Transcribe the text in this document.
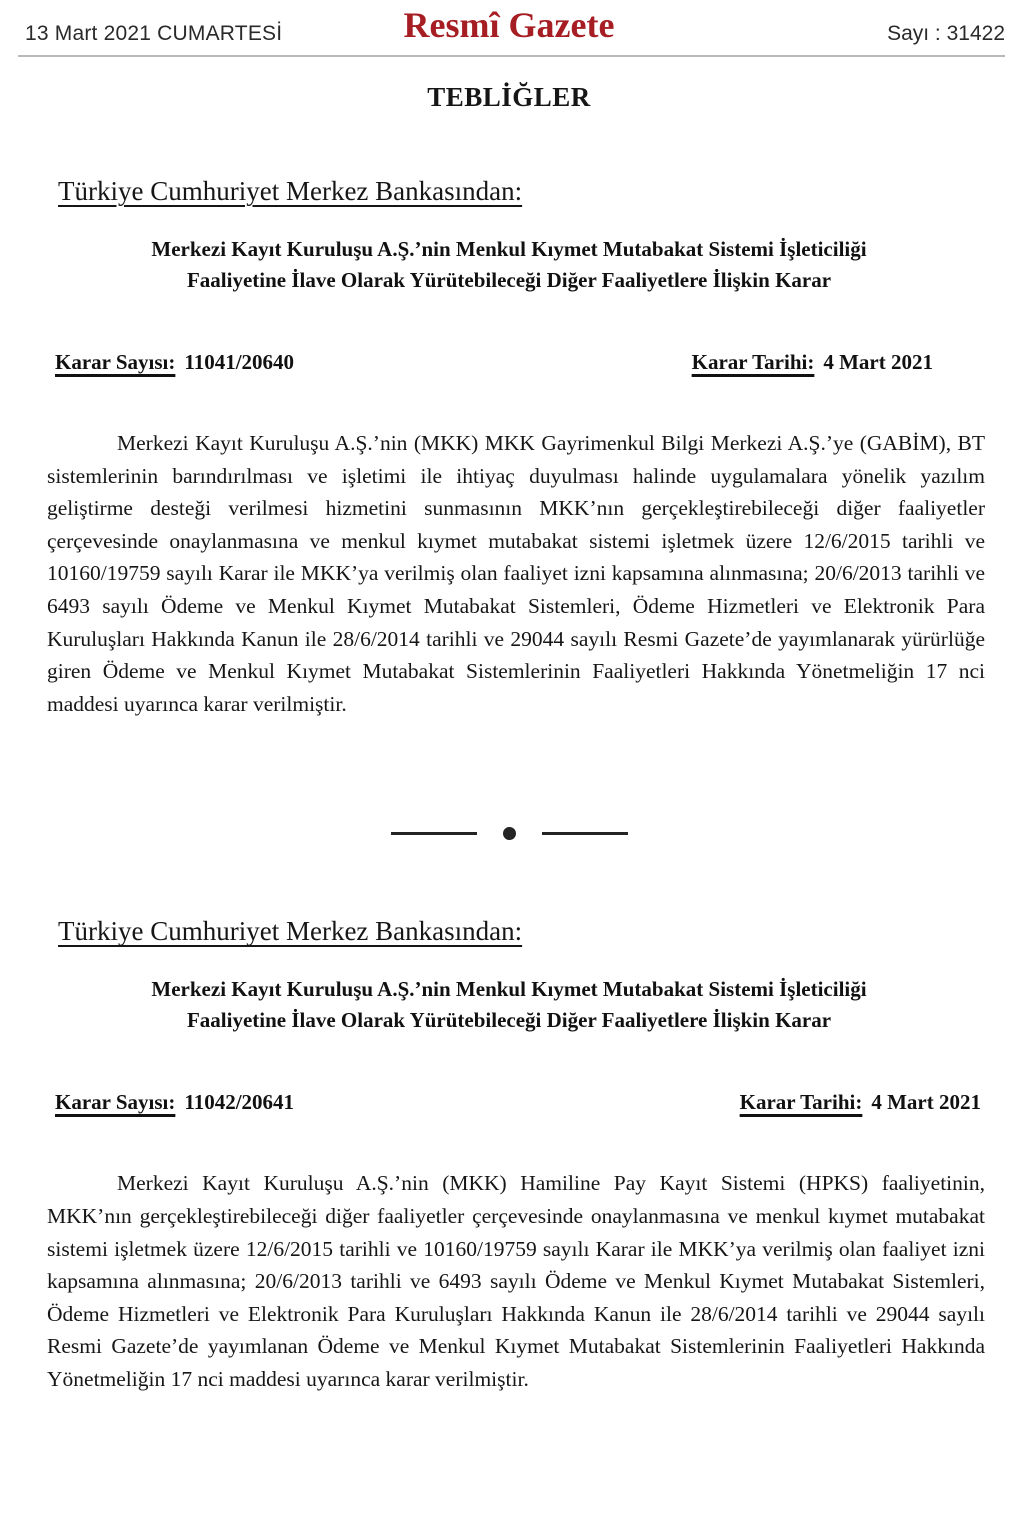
13 Mart 2021 CUMARTESİ	Resmî Gazete	Sayı : 31422
TEBLİĞLER
Türkiye Cumhuriyet Merkez Bankasından:
Merkezi Kayıt Kuruluşu A.Ş.’nin Menkul Kıymet Mutabakat Sistemi İşleticiliği
Faaliyetine İlave Olarak Yürütebileceği Diğer Faaliyetlere İlişkin Karar
Karar Sayısı: 11041/20640	Karar Tarihi: 4 Mart 2021

Merkezi Kayıt Kuruluşu A.Ş.’nin (MKK) MKK Gayrimenkul Bilgi Merkezi A.Ş.’ye (GABİM), BT sistemlerinin barındırılması ve işletimi ile ihtiyaç duyulması halinde uygulamalara yönelik yazılım geliştirme desteği verilmesi hizmetini sunmasının MKK’nın gerçekleştirebileceği diğer faaliyetler çerçevesinde onaylanmasına ve menkul kıymet mutabakat sistemi işletmek üzere 12/6/2015 tarihli ve 10160/19759 sayılı Karar ile MKK’ya verilmiş olan faaliyet izni kapsamına alınmasına; 20/6/2013 tarihli ve 6493 sayılı Ödeme ve Menkul Kıymet Mutabakat Sistemleri, Ödeme Hizmetleri ve Elektronik Para Kuruluşları Hakkında Kanun ile 28/6/2014 tarihli ve 29044 sayılı Resmi Gazete’de yayımlanarak yürürlüğe giren Ödeme ve Menkul Kıymet Mutabakat Sistemlerinin Faaliyetleri Hakkında Yönetmeliğin 17 nci maddesi uyarınca karar verilmiştir.

Türkiye Cumhuriyet Merkez Bankasından:
Merkezi Kayıt Kuruluşu A.Ş.’nin Menkul Kıymet Mutabakat Sistemi İşleticiliği
Faaliyetine İlave Olarak Yürütebileceği Diğer Faaliyetlere İlişkin Karar
Karar Sayısı: 11042/20641	Karar Tarihi: 4 Mart 2021

Merkezi Kayıt Kuruluşu A.Ş.’nin (MKK) Hamiline Pay Kayıt Sistemi (HPKS) faaliyetinin, MKK’nın gerçekleştirebileceği diğer faaliyetler çerçevesinde onaylanmasına ve menkul kıymet mutabakat sistemi işletmek üzere 12/6/2015 tarihli ve 10160/19759 sayılı Karar ile MKK’ya verilmiş olan faaliyet izni kapsamına alınmasına; 20/6/2013 tarihli ve 6493 sayılı Ödeme ve Menkul Kıymet Mutabakat Sistemleri, Ödeme Hizmetleri ve Elektronik Para Kuruluşları Hakkında Kanun ile 28/6/2014 tarihli ve 29044 sayılı Resmi Gazete’de yayımlanan Ödeme ve Menkul Kıymet Mutabakat Sistemlerinin Faaliyetleri Hakkında Yönetmeliğin 17 nci maddesi uyarınca karar verilmiştir.
